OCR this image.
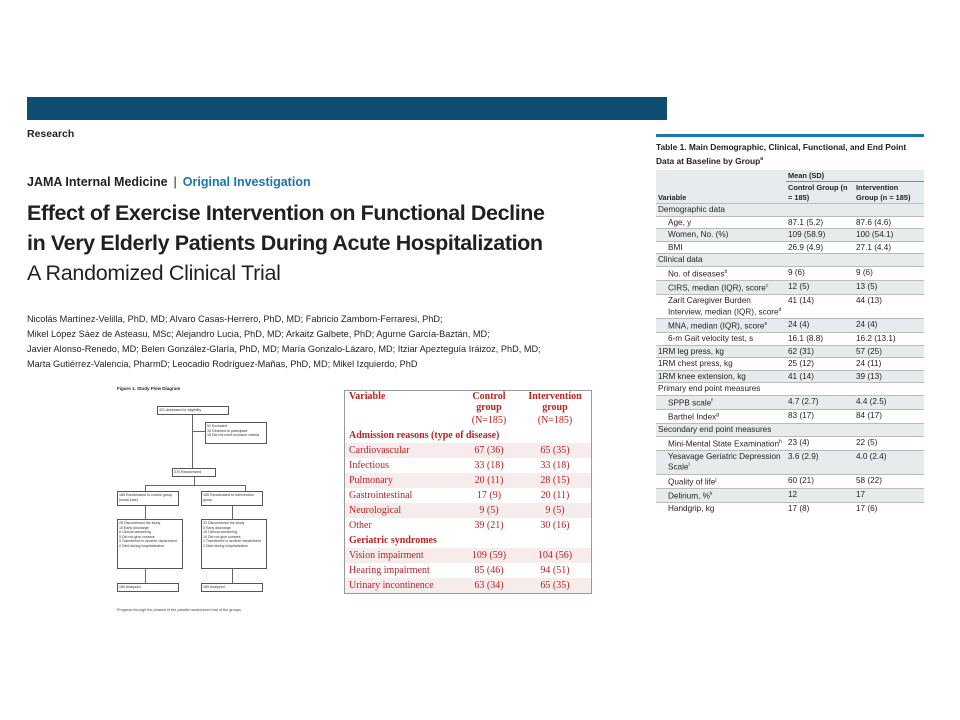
Research
JAMA Internal Medicine | Original Investigation
Effect of Exercise Intervention on Functional Decline
in Very Elderly Patients During Acute Hospitalization
A Randomized Clinical Trial
Nicolás Martínez-Velilla, PhD, MD; Alvaro Casas-Herrero, PhD, MD; Fabricio Zambom-Ferraresi, PhD;
Mikel López Sáez de Asteasu, MSc; Alejandro Lucia, PhD, MD; Arkaitz Galbete, PhD; Agurne García-Baztán, MD;
Javier Alonso-Renedo, MD; Belen González-Glaría, PhD, MD; María Gonzalo-Lázaro, MD; Itziar Apezteguía Iráizoz, PhD, MD;
Marta Gutiérrez-Valencia, PharmD; Leocadio Rodríguez-Mañas, PhD, MD; Mikel Izquierdo, PhD
Figure 1. Study Flow Diagram
421 Assessed for eligibility
51 Excluded
35 Declined to participate
16 Did not meet inclusion criteria
370 Randomized
185 Randomized to control group (usual care)
185 Randomized to intervention group
28 Discontinued the study
10 Early discharge
6 Clinical worsening
5 Did not give consent
5 Transferred to another department
2 Died during hospitalization
32 Discontinued the study
5 Early discharge
15 Clinical worsening
10 Did not give consent
1 Transferred to another department
1 Died during hospitalization
185 Analyzed	185 Analyzed
Progress through the phases of the parallel randomized trial of the groups.
Variable	Control group	Intervention group
	(N=185)	(N=185)
Admission reasons (type of disease)		
Cardiovascular	67 (36)	65 (35)
Infectious	33 (18)	33 (18)
Pulmonary	20 (11)	28 (15)
Gastrointestinal	17 (9)	20 (11)
Neurological	9 (5)	9 (5)
Other	39 (21)	30 (16)
Geriatric syndromes		
Vision impairment	109 (59)	104 (56)
Hearing impairment	85 (46)	94 (51)
Urinary incontinence	63 (34)	65 (35)
Table 1. Main Demographic, Clinical, Functional, and End Point Data at Baseline by Group$^a$
	Mean (SD)	
Variable	Control Group (n = 185)	Intervention Group (n = 185)
Demographic data		
Age, y	87.1 (5.2)	87.6 (4.6)
Women, No. (%)	109 (58.9)	100 (54.1)
BMI	26.9 (4.9)	27.1 (4.4)
Clinical data		
No. of diseases$^b$	9 (6)	9 (6)
CIRS, median (IQR), score$^c$	12 (5)	13 (5)
Zarit Caregiver Burden Interview, median (IQR), score$^d$	41 (14)	44 (13)
MNA, median (IQR), score$^e$	24 (4)	24 (4)
6-m Gait velocity test, s	16.1 (8.8)	16.2 (13.1)
1RM leg press, kg	62 (31)	57 (25)
1RM chest press, kg	25 (12)	24 (11)
1RM knee extension, kg	41 (14)	39 (13)
Primary end point measures		
SPPB scale$^f$	4.7 (2.7)	4.4 (2.5)
Barthel Index$^g$	83 (17)	84 (17)
Secondary end point measures		
Mini-Mental State Examination$^h$	23 (4)	22 (5)
Yesavage Geriatric Depression Scale$^i$	3.6 (2.9)	4.0 (2.4)
Quality of life$^j$	60 (21)	58 (22)
Delirium, %$^k$	12	17
Handgrip, kg	17 (8)	17 (6)
